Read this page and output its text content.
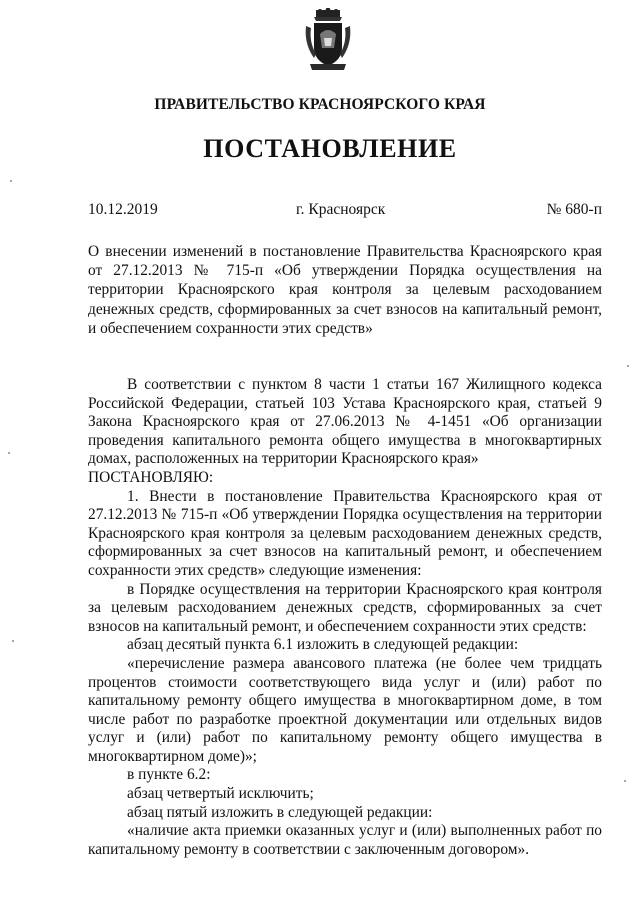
ПРАВИТЕЛЬСТВО КРАСНОЯРСКОГО КРАЯ
ПОСТАНОВЛЕНИЕ
10.12.2019	г. Красноярск	№ 680-п
О внесении изменений в постановление Правительства Красноярского края от 27.12.2013 № 715-п «Об утверждении Порядка осуществления на территории Красноярского края контроля за целевым расходованием денежных средств, сформированных за счет взносов на капитальный ремонт, и обеспечением сохранности этих средств»

В соответствии с пунктом 8 части 1 статьи 167 Жилищного кодекса Российской Федерации, статьей 103 Устава Красноярского края, статьей 9 Закона Красноярского края от 27.06.2013 № 4-1451 «Об организации проведения капитального ремонта общего имущества в многоквартирных домах, расположенных на территории Красноярского края»

ПОСТАНОВЛЯЮ:

1. Внести в постановление Правительства Красноярского края от 27.12.2013 № 715-п «Об утверждении Порядка осуществления на территории Красноярского края контроля за целевым расходованием денежных средств, сформированных за счет взносов на капитальный ремонт, и обеспечением сохранности этих средств» следующие изменения:

в Порядке осуществления на территории Красноярского края контроля за целевым расходованием денежных средств, сформированных за счет взносов на капитальный ремонт, и обеспечением сохранности этих средств:

абзац десятый пункта 6.1 изложить в следующей редакции:

«перечисление размера авансового платежа (не более чем тридцать процентов стоимости соответствующего вида услуг и (или) работ по капитальному ремонту общего имущества в многоквартирном доме, в том числе работ по разработке проектной документации или отдельных видов услуг и (или) работ по капитальному ремонту общего имущества в многоквартирном доме)»;

в пункте 6.2:

абзац четвертый исключить;

абзац пятый изложить в следующей редакции:

«наличие акта приемки оказанных услуг и (или) выполненных работ по капитальному ремонту в соответствии с заключенным договором».
